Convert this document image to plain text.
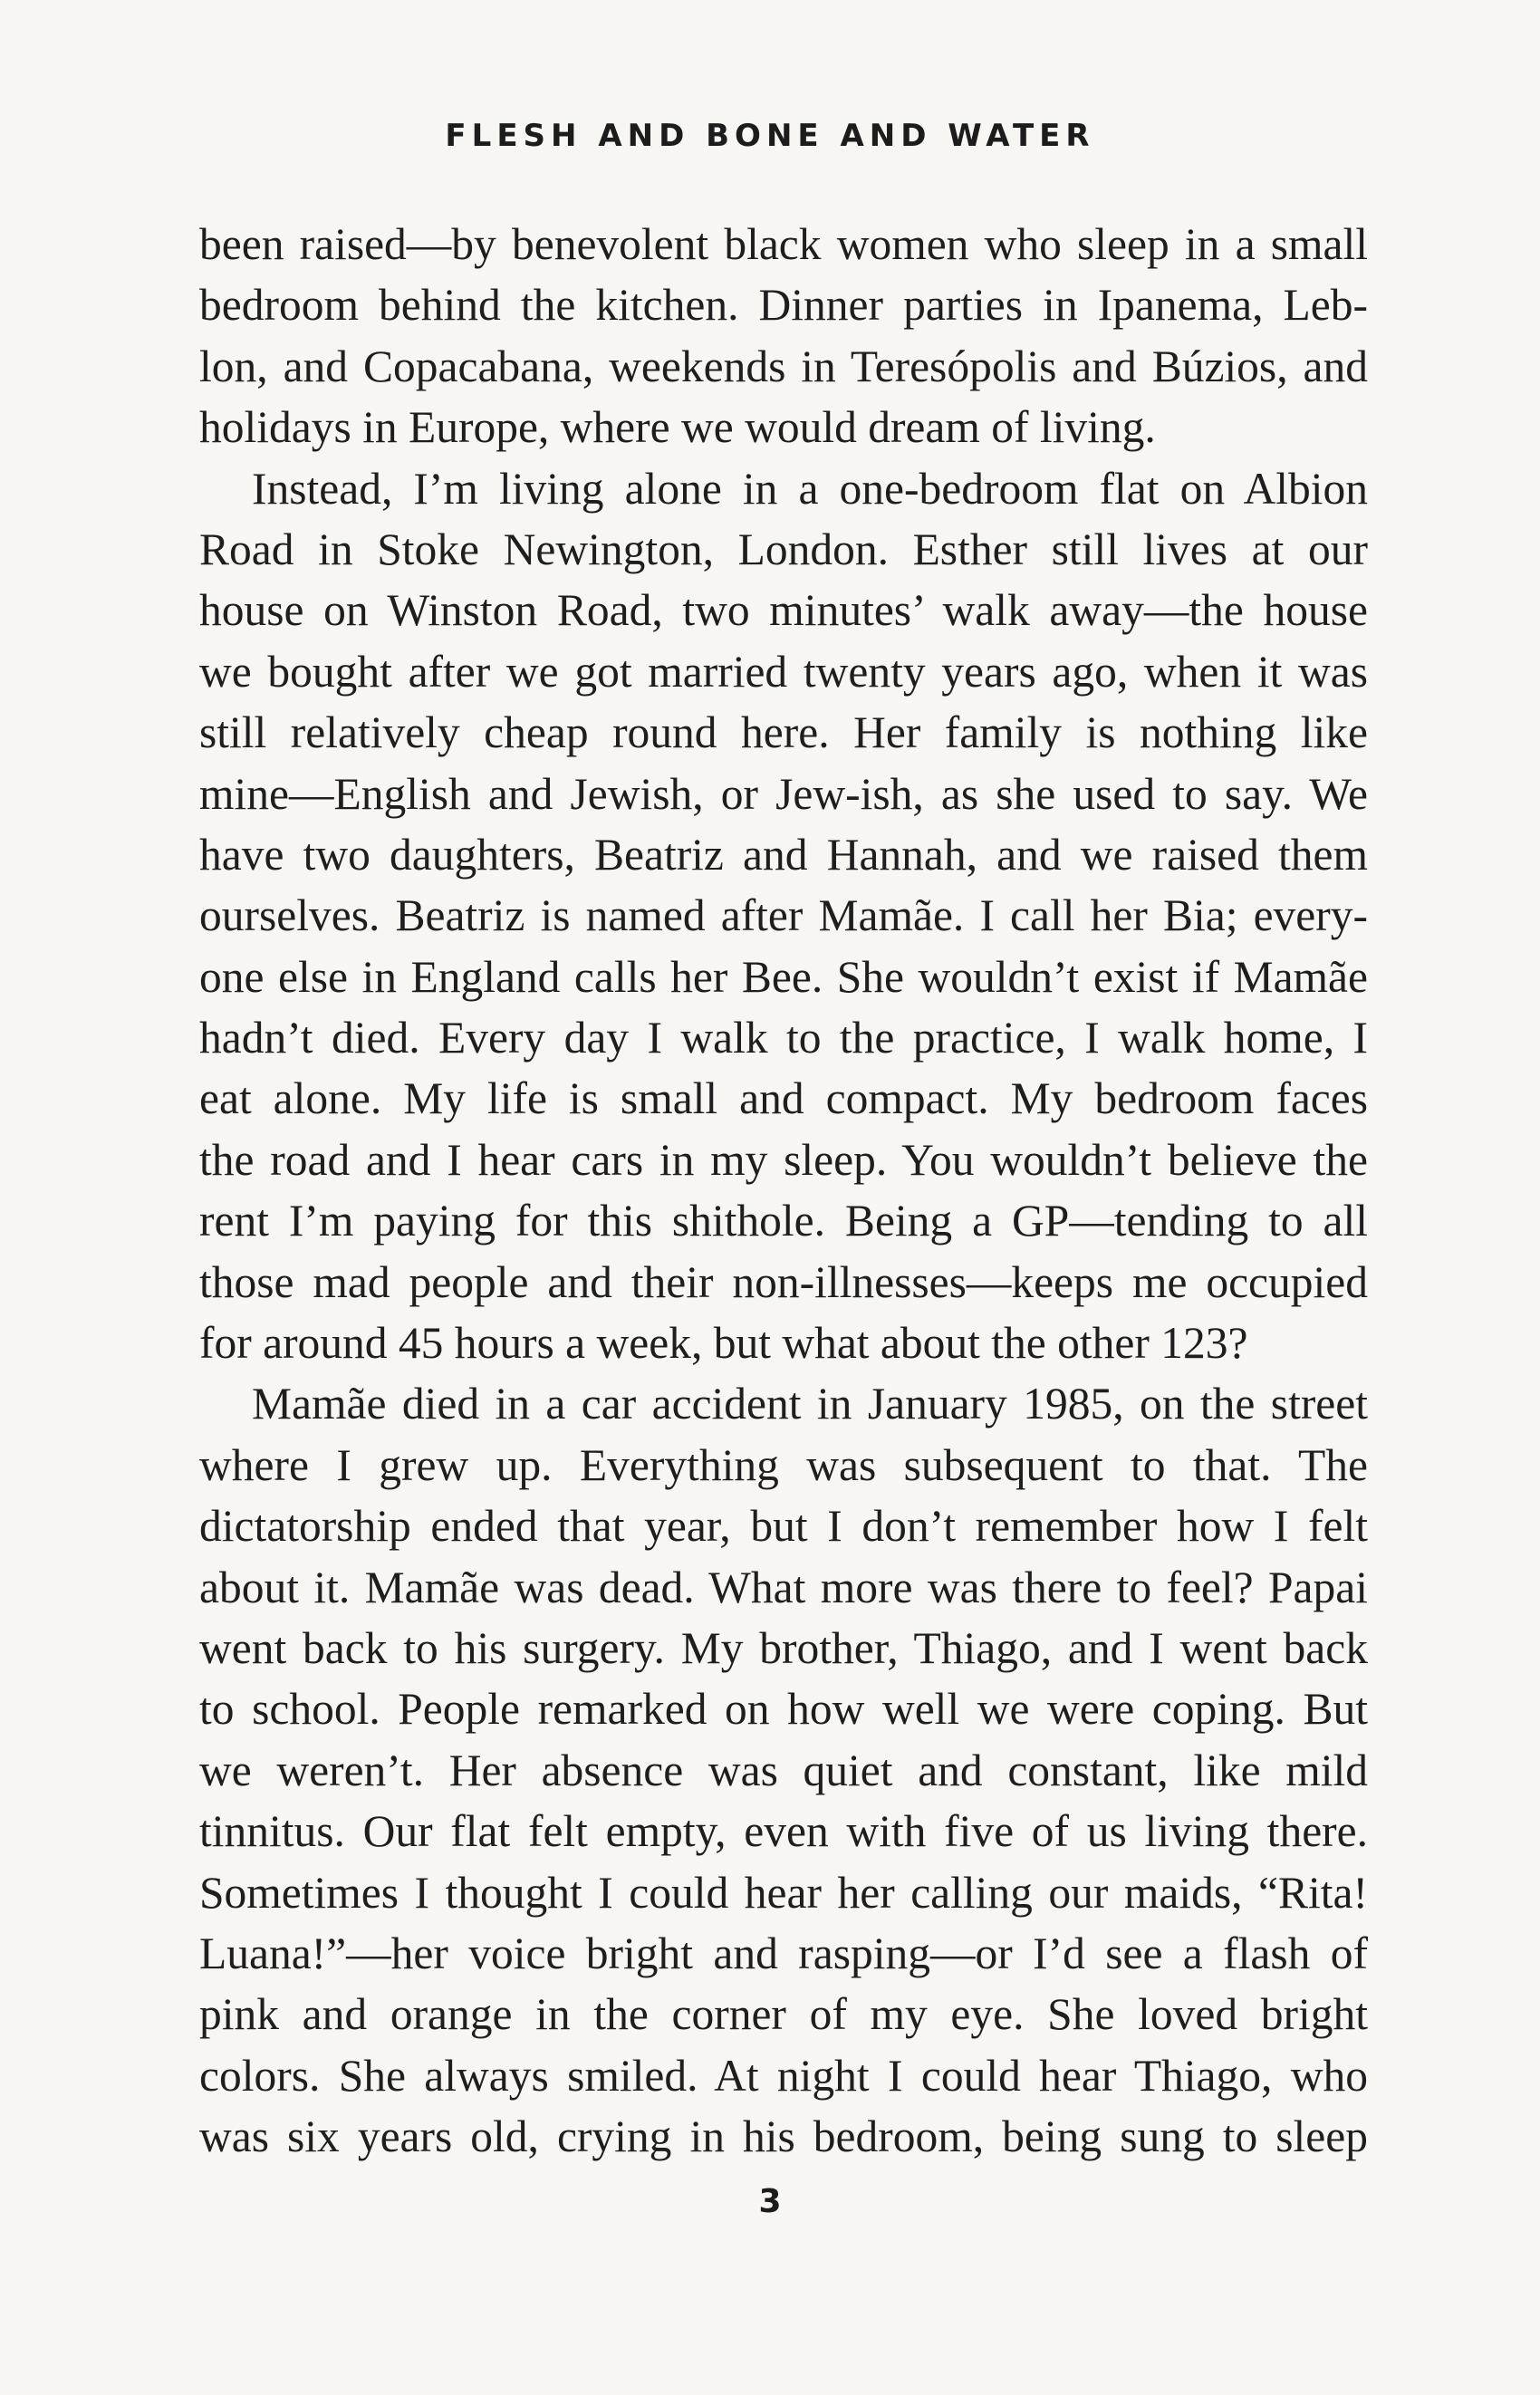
FLESH AND BONE AND WATER
been raised—by benevolent black women who sleep in a small
bedroom behind the kitchen. Dinner parties in Ipanema, Leb-
lon, and Copacabana, weekends in Teresópolis and Búzios, and
holidays in Europe, where we would dream of living.
Instead, I’m living alone in a one-bedroom flat on Albion
Road in Stoke Newington, London. Esther still lives at our
house on Winston Road, two minutes’ walk away—the house
we bought after we got married twenty years ago, when it was
still relatively cheap round here. Her family is nothing like
mine—English and Jewish, or Jew-ish, as she used to say. We
have two daughters, Beatriz and Hannah, and we raised them
ourselves. Beatriz is named after Mamãe. I call her Bia; every-
one else in England calls her Bee. She wouldn’t exist if Mamãe
hadn’t died. Every day I walk to the practice, I walk home, I
eat alone. My life is small and compact. My bedroom faces
the road and I hear cars in my sleep. You wouldn’t believe the
rent I’m paying for this shithole. Being a GP—tending to all
those mad people and their non-illnesses—keeps me occupied
for around 45 hours a week, but what about the other 123?
Mamãe died in a car accident in January 1985, on the street
where I grew up. Everything was subsequent to that. The
dictatorship ended that year, but I don’t remember how I felt
about it. Mamãe was dead. What more was there to feel? Papai
went back to his surgery. My brother, Thiago, and I went back
to school. People remarked on how well we were coping. But
we weren’t. Her absence was quiet and constant, like mild
tinnitus. Our flat felt empty, even with five of us living there.
Sometimes I thought I could hear her calling our maids, “Rita!
Luana!”—her voice bright and rasping—or I’d see a flash of
pink and orange in the corner of my eye. She loved bright
colors. She always smiled. At night I could hear Thiago, who
was six years old, crying in his bedroom, being sung to sleep
3
